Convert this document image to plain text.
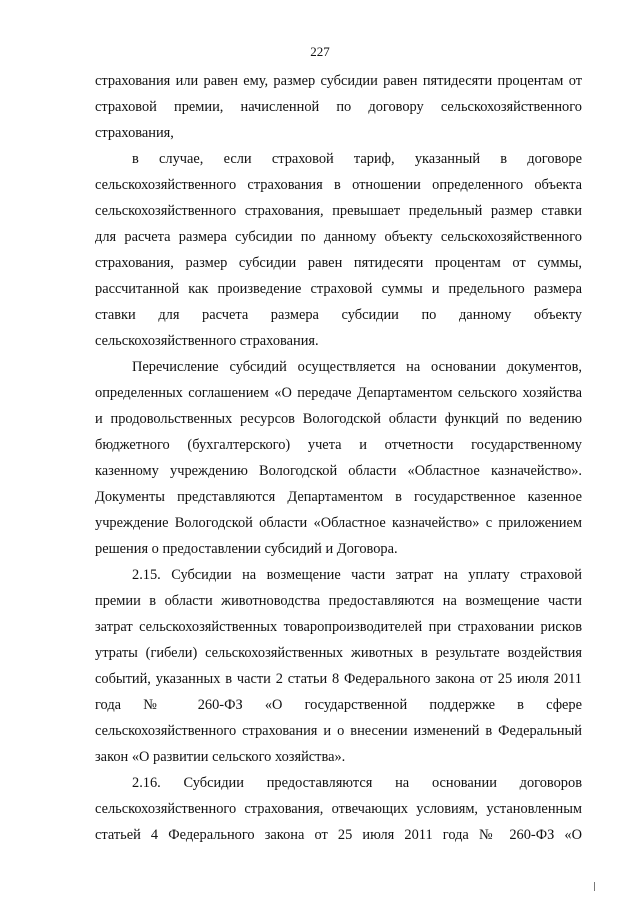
227
страхования или равен ему, размер субсидии равен пятидесяти процентам от
страховой премии, начисленной по договору сельскохозяйственного
страхования,
в случае, если страховой тариф, указанный в договоре
сельскохозяйственного страхования в отношении определенного объекта
сельскохозяйственного страхования, превышает предельный размер ставки
для расчета размера субсидии по данному объекту сельскохозяйственного
страхования, размер субсидии равен пятидесяти процентам от суммы,
рассчитанной как произведение страховой суммы и предельного размера
ставки для расчета размера субсидии по данному объекту
сельскохозяйственного страхования.
Перечисление субсидий осуществляется на основании документов,
определенных соглашением «О передаче Департаментом сельского хозяйства
и продовольственных ресурсов Вологодской области функций по ведению
бюджетного (бухгалтерского) учета и отчетности государственному
казенному учреждению Вологодской области «Областное казначейство».
Документы представляются Департаментом в государственное казенное
учреждение Вологодской области «Областное казначейство» с приложением
решения о предоставлении субсидий и Договора.
2.15. Субсидии на возмещение части затрат на уплату страховой
премии в области животноводства предоставляются на возмещение части
затрат сельскохозяйственных товаропроизводителей при страховании рисков
утраты (гибели) сельскохозяйственных животных в результате воздействия
событий, указанных в части 2 статьи 8 Федерального закона от 25 июля 2011
года № 260-ФЗ «О государственной поддержке в сфере
сельскохозяйственного страхования и о внесении изменений в Федеральный
закон «О развитии сельского хозяйства».
2.16. Субсидии предоставляются на основании договоров
сельскохозяйственного страхования, отвечающих условиям, установленным
статьей 4 Федерального закона от 25 июля 2011 года № 260-ФЗ «О
